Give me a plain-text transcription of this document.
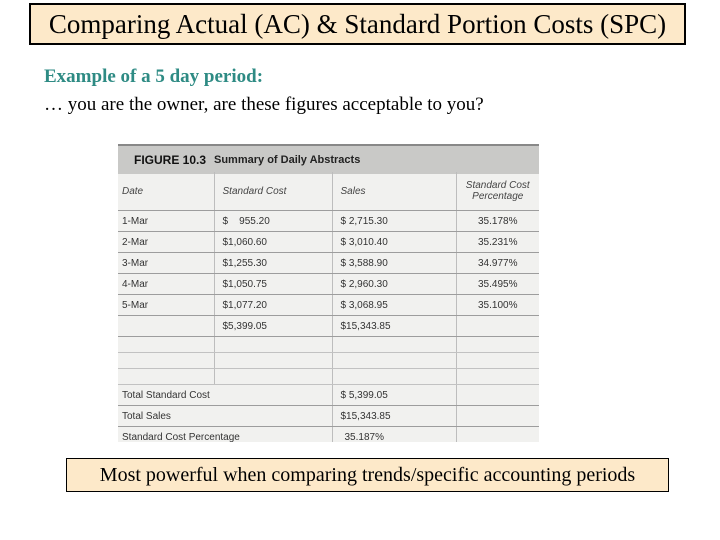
Comparing Actual (AC) & Standard Portion Costs (SPC)
Example of a 5 day period:
… you are the owner, are these figures acceptable to you?
FIGURE 10.3 Summary of Daily Abstracts
Date	Standard Cost	Sales	Standard Cost Percentage
1-Mar	$    955.20	$ 2,715.30	35.178%
2-Mar	$1,060.60	$ 3,010.40	35.231%
3-Mar	$1,255.30	$ 3,588.90	34.977%
4-Mar	$1,050.75	$ 2,960.30	35.495%
5-Mar	$1,077.20	$ 3,068.95	35.100%
	$5,399.05	$15,343.85	

Total Standard Cost		$ 5,399.05	
Total Sales		$15,343.85	
Standard Cost Percentage		35.187%	
Most powerful when comparing trends/specific accounting periods
